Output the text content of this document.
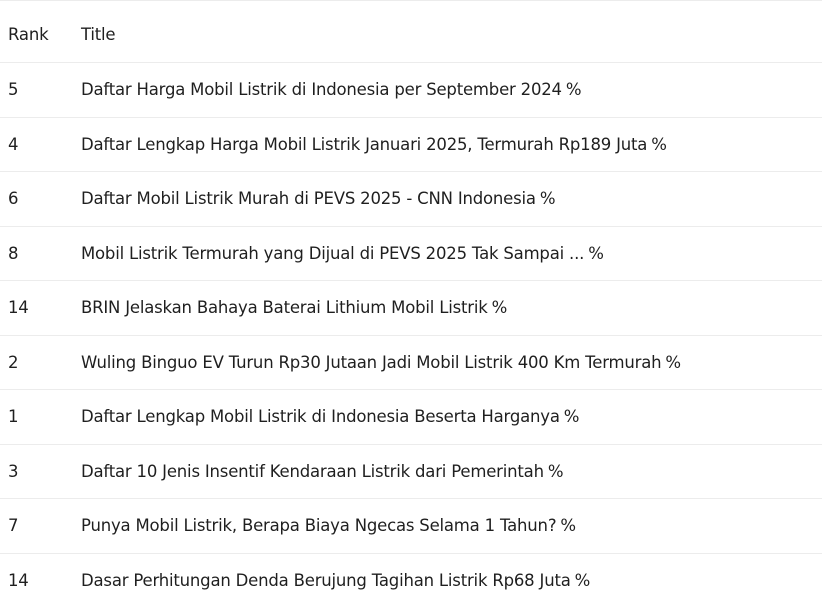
Rank	Title
5	Daftar Harga Mobil Listrik di Indonesia per September 2024 %
4	Daftar Lengkap Harga Mobil Listrik Januari 2025, Termurah Rp189 Juta %
6	Daftar Mobil Listrik Murah di PEVS 2025 - CNN Indonesia %
8	Mobil Listrik Termurah yang Dijual di PEVS 2025 Tak Sampai ... %
14	BRIN Jelaskan Bahaya Baterai Lithium Mobil Listrik %
2	Wuling Binguo EV Turun Rp30 Jutaan Jadi Mobil Listrik 400 Km Termurah %
1	Daftar Lengkap Mobil Listrik di Indonesia Beserta Harganya %
3	Daftar 10 Jenis Insentif Kendaraan Listrik dari Pemerintah %
7	Punya Mobil Listrik, Berapa Biaya Ngecas Selama 1 Tahun? %
14	Dasar Perhitungan Denda Berujung Tagihan Listrik Rp68 Juta %
